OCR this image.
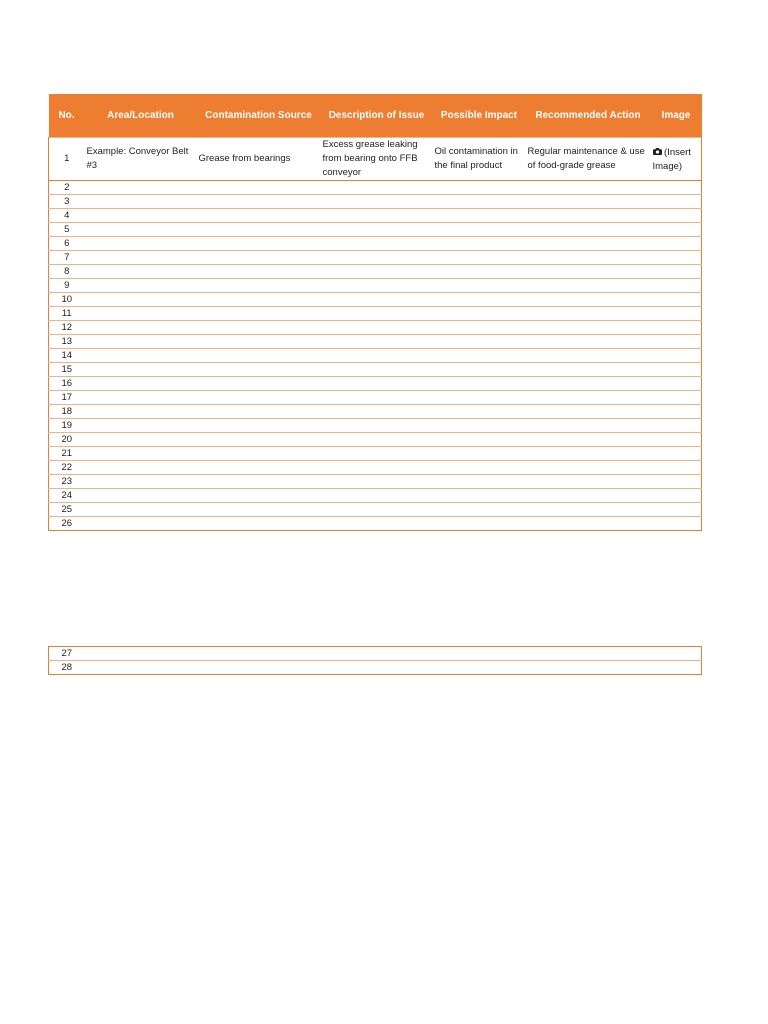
No.	Area/Location	Contamination Source	Description of Issue	Possible Impact	Recommended Action	Image
1	Example: Conveyor Belt #3	Grease from bearings	Excess grease leaking from bearing onto FFB conveyor	Oil contamination in the final product	Regular maintenance & use of food-grade grease	(Insert Image)
2						
3						
4						
5						
6						
7						
8						
9						
10						
11						
12						
13						
14						
15						
16						
17						
18						
19						
20						
21						
22						
23						
24						
25						
26						
27						
28						
